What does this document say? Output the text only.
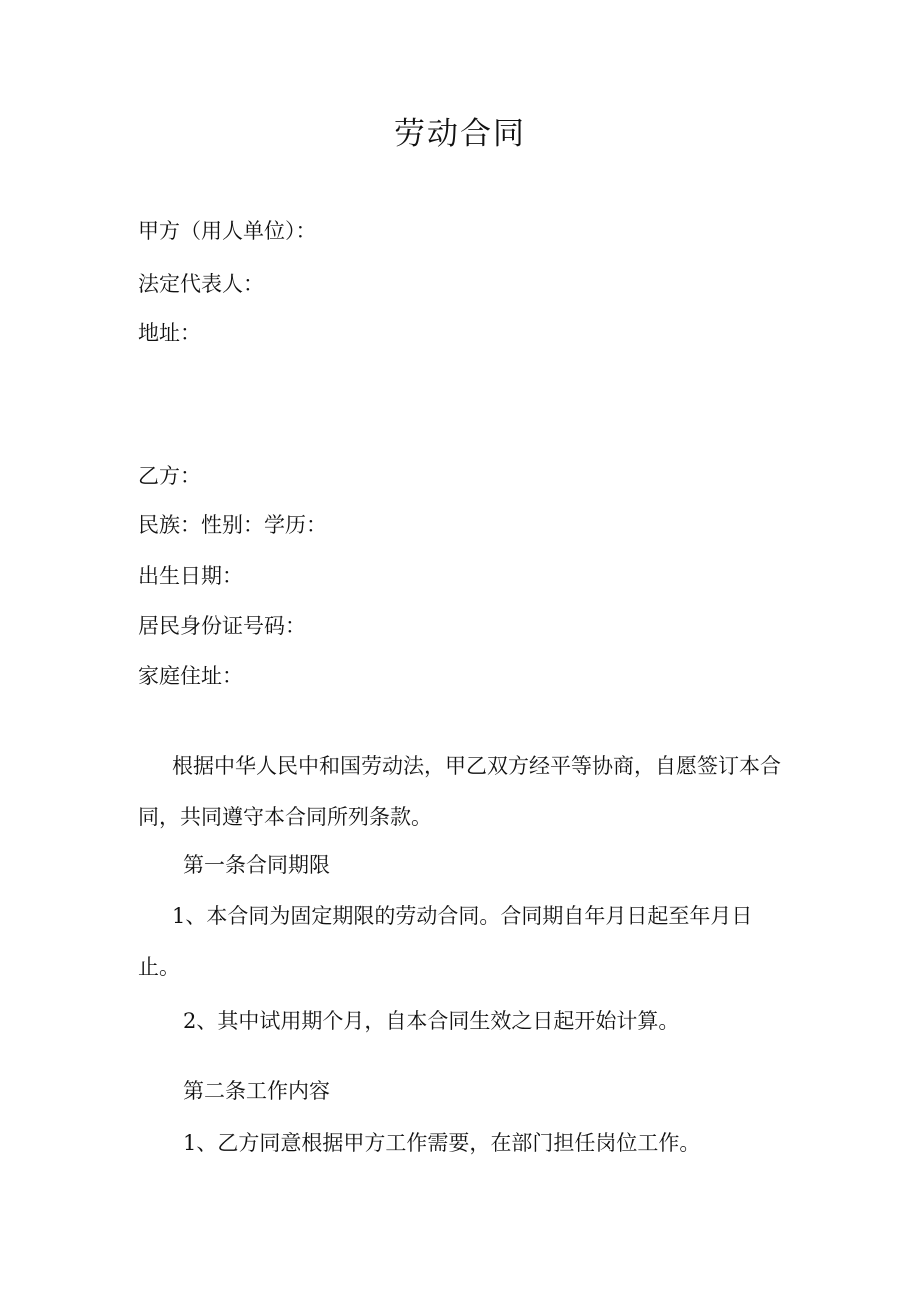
劳动合同
甲方（用人单位）：
法定代表人：
地址：
乙方：
民族：性别：学历：
出生日期：
居民身份证号码：
家庭住址：
根据中华人民中和国劳动法，甲乙双方经平等协商，自愿签订本合同，共同遵守本合同所列条款。
第一条合同期限
1、本合同为固定期限的劳动合同。合同期自年月日起至年月日止。
2、其中试用期个月，自本合同生效之日起开始计算。
第二条工作内容
1、乙方同意根据甲方工作需要，在部门担任岗位工作。
